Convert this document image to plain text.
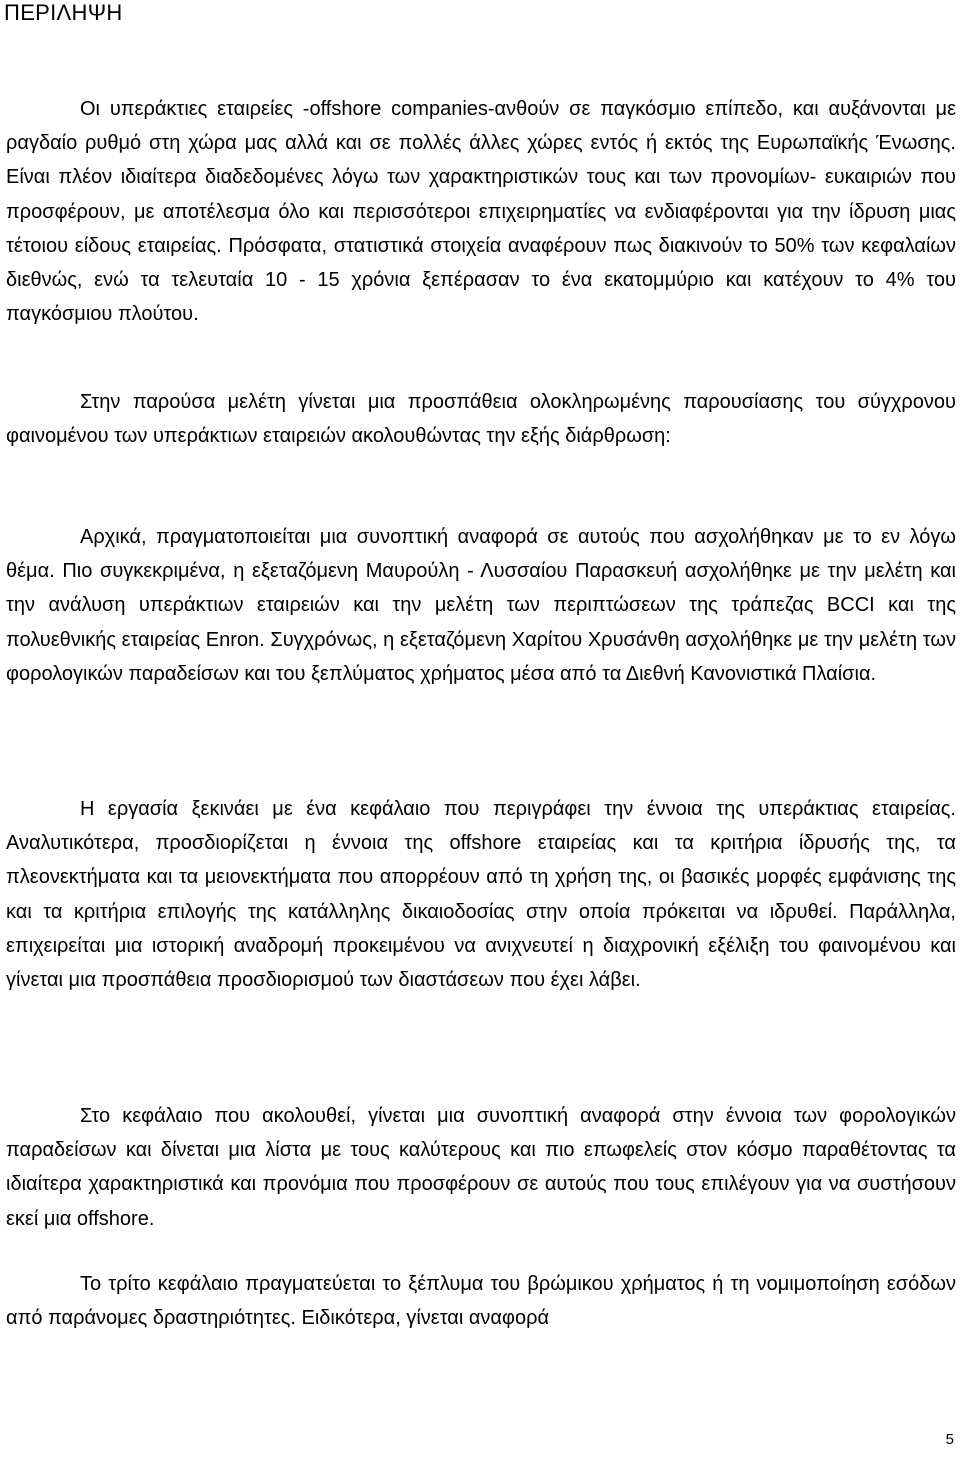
ΠΕΡΙΛΗΨΗ

Οι υπεράκτιες εταιρείες -offshore companies-ανθούν σε παγκόσμιο επίπεδο, και αυξάνονται με ραγδαίο ρυθμό στη χώρα μας αλλά και σε πολλές άλλες χώρες εντός ή εκτός της Ευρωπαϊκής Ένωσης. Είναι πλέον ιδιαίτερα διαδεδομένες λόγω των χαρακτηριστικών τους και των προνομίων- ευκαιριών που προσφέρουν, με αποτέλεσμα όλο και περισσότεροι επιχειρηματίες να ενδιαφέρονται για την ίδρυση μιας τέτοιου είδους εταιρείας. Πρόσφατα, στατιστικά στοιχεία αναφέρουν πως διακινούν το 50% των κεφαλαίων διεθνώς, ενώ τα τελευταία 10 - 15 χρόνια ξεπέρασαν το ένα εκατομμύριο και κατέχουν το 4% του παγκόσμιου πλούτου.

Στην παρούσα μελέτη γίνεται μια προσπάθεια ολοκληρωμένης παρουσίασης του σύγχρονου φαινομένου των υπεράκτιων εταιρειών ακολουθώντας την εξής διάρθρωση:

Αρχικά, πραγματοποιείται μια συνοπτική αναφορά σε αυτούς που ασχολήθηκαν με το εν λόγω θέμα. Πιο συγκεκριμένα, η εξεταζόμενη Μαυρούλη - Λυσσαίου Παρασκευή ασχολήθηκε με την μελέτη και την ανάλυση υπεράκτιων εταιρειών και την μελέτη των περιπτώσεων της τράπεζας BCCI και της πολυεθνικής εταιρείας Enron. Συγχρόνως, η εξεταζόμενη Χαρίτου Χρυσάνθη ασχολήθηκε με την μελέτη των φορολογικών παραδείσων και του ξεπλύματος χρήματος μέσα από τα Διεθνή Κανονιστικά Πλαίσια.

Η εργασία ξεκινάει με ένα κεφάλαιο που περιγράφει την έννοια της υπεράκτιας εταιρείας. Αναλυτικότερα, προσδιορίζεται η έννοια της offshore εταιρείας και τα κριτήρια ίδρυσής της, τα πλεονεκτήματα και τα μειονεκτήματα που απορρέουν από τη χρήση της, οι βασικές μορφές εμφάνισης της και τα κριτήρια επιλογής της κατάλληλης δικαιοδοσίας στην οποία πρόκειται να ιδρυθεί. Παράλληλα, επιχειρείται μια ιστορική αναδρομή προκειμένου να ανιχνευτεί η διαχρονική εξέλιξη του φαινομένου και γίνεται μια προσπάθεια προσδιορισμού των διαστάσεων που έχει λάβει.

Στο κεφάλαιο που ακολουθεί, γίνεται μια συνοπτική αναφορά στην έννοια των φορολογικών παραδείσων και δίνεται μια λίστα με τους καλύτερους και πιο επωφελείς στον κόσμο παραθέτοντας τα ιδιαίτερα χαρακτηριστικά και προνόμια που προσφέρουν σε αυτούς που τους επιλέγουν για να συστήσουν εκεί μια offshore.

Το τρίτο κεφάλαιο πραγματεύεται το ξέπλυμα του βρώμικου χρήματος ή τη νομιμοποίηση εσόδων από παράνομες δραστηριότητες. Ειδικότερα, γίνεται αναφορά

5
